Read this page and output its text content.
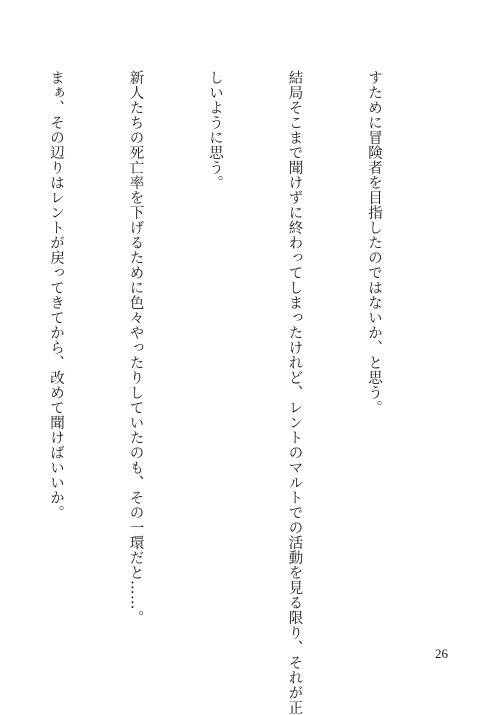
すために冒険者を目指したのではないか、と思う。

結局そこまで聞けずに終わってしまったけれど、レントのマルトでの活動を見る限り、それが正

しいように思う。

新人たちの死亡率を下げるために色々やったりしていたのも、その一環だと……。

まぁ、その辺りはレントが戻ってきてから、改めて聞けばいいか。

26
